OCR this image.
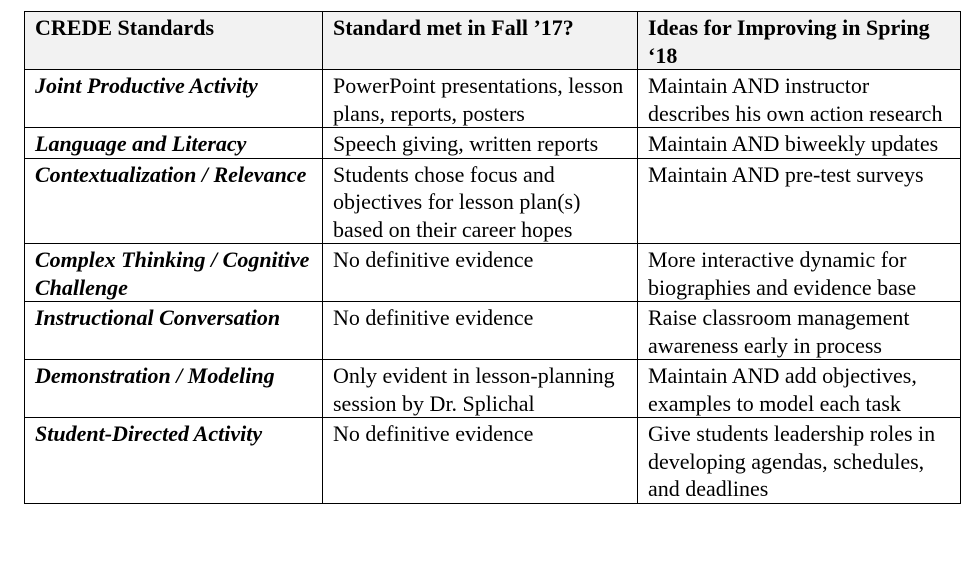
CREDE Standards	Standard met in Fall ’17?	Ideas for Improving in Spring ‘18
Joint Productive Activity	PowerPoint presentations, lesson plans, reports, posters	Maintain AND instructor describes his own action research
Language and Literacy	Speech giving, written reports	Maintain AND biweekly updates
Contextualization / Relevance	Students chose focus and objectives for lesson plan(s) based on their career hopes	Maintain AND pre-test surveys
Complex Thinking / Cognitive Challenge	No definitive evidence	More interactive dynamic for biographies and evidence base
Instructional Conversation	No definitive evidence	Raise classroom management awareness early in process
Demonstration / Modeling	Only evident in lesson-planning session by Dr. Splichal	Maintain AND add objectives, examples to model each task
Student-Directed Activity	No definitive evidence	Give students leadership roles in developing agendas, schedules, and deadlines
